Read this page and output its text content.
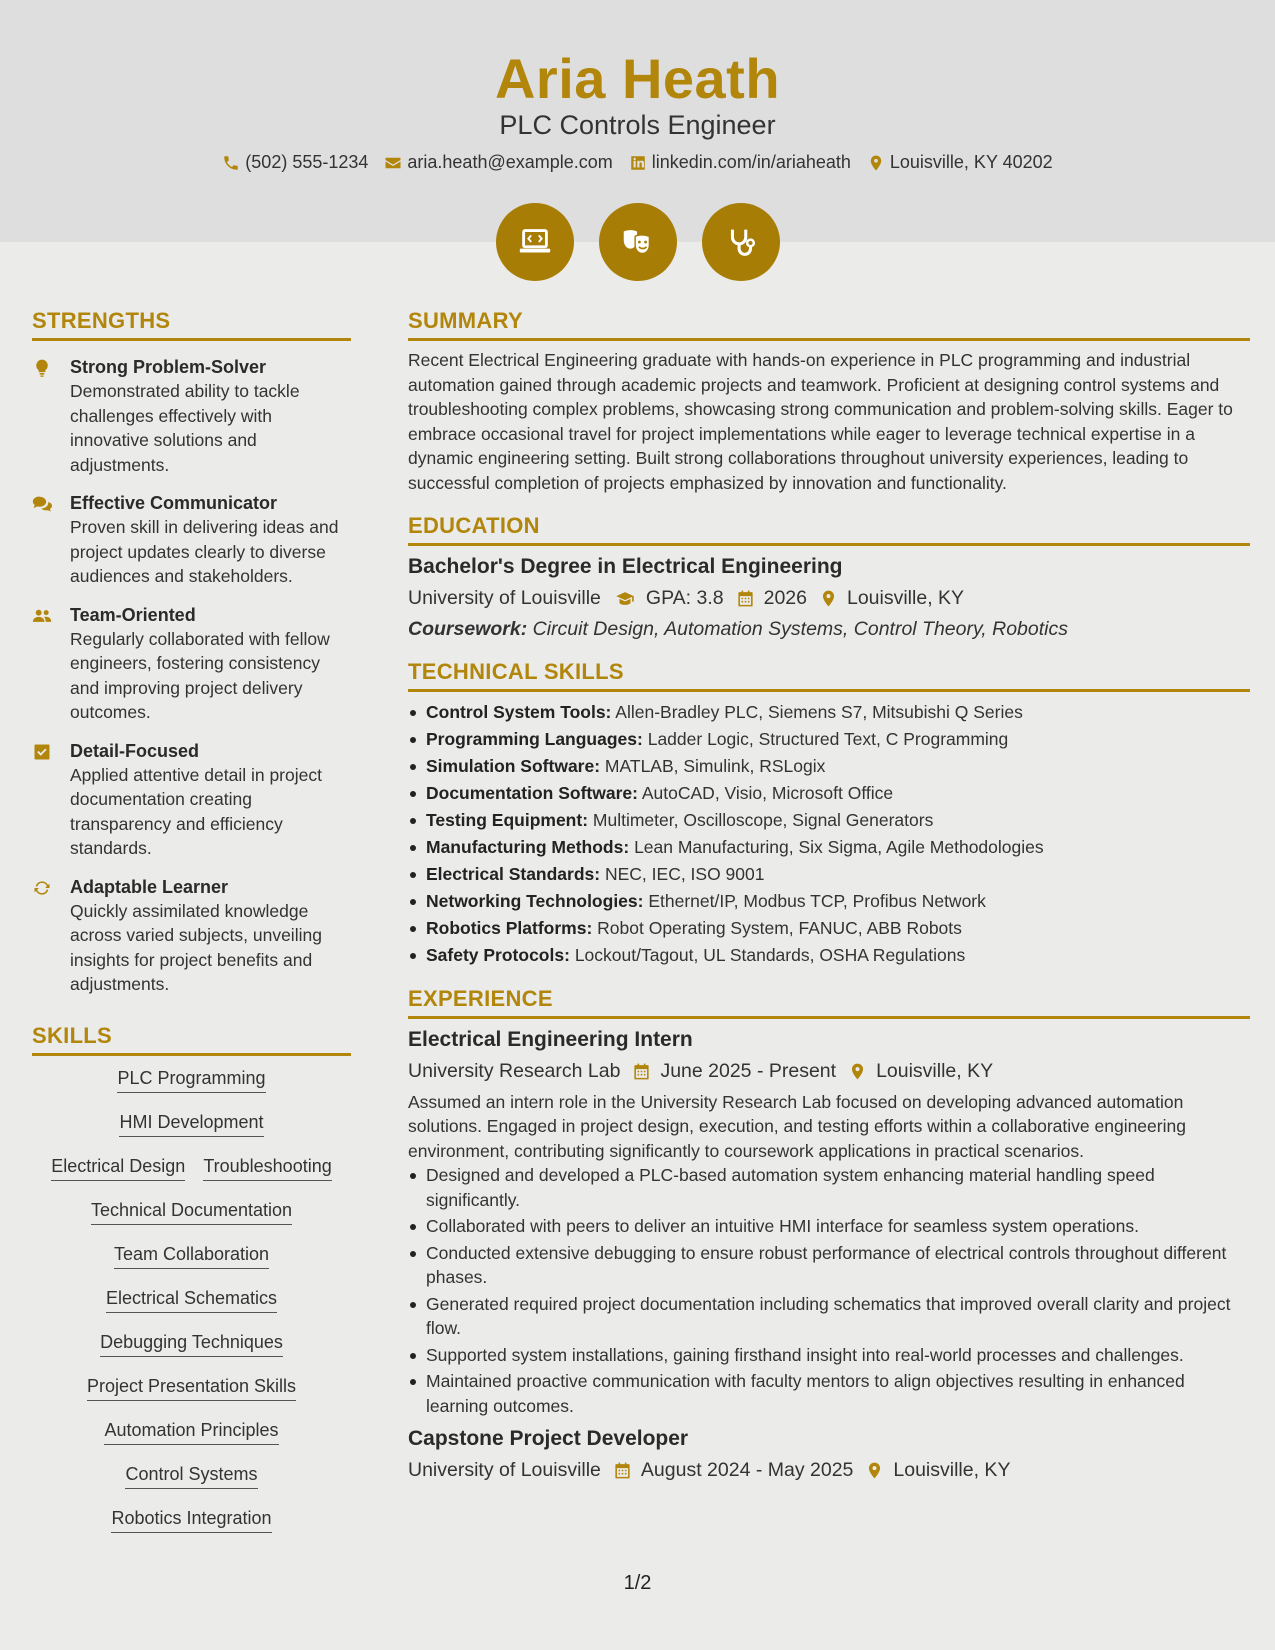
Aria Heath
PLC Controls Engineer
(502) 555-1234 aria.heath@example.com linkedin.com/in/ariaheath Louisville, KY 40202
STRENGTHS
Strong Problem-Solver
Demonstrated ability to tackle challenges effectively with innovative solutions and adjustments.
Effective Communicator
Proven skill in delivering ideas and project updates clearly to diverse audiences and stakeholders.
Team-Oriented
Regularly collaborated with fellow engineers, fostering consistency and improving project delivery outcomes.
Detail-Focused
Applied attentive detail in project documentation creating transparency and efficiency standards.
Adaptable Learner
Quickly assimilated knowledge across varied subjects, unveiling insights for project benefits and adjustments.
SKILLS
PLC Programming
HMI Development
Electrical Design Troubleshooting
Technical Documentation
Team Collaboration
Electrical Schematics
Debugging Techniques
Project Presentation Skills
Automation Principles
Control Systems
Robotics Integration
SUMMARY
Recent Electrical Engineering graduate with hands-on experience in PLC programming and industrial automation gained through academic projects and teamwork. Proficient at designing control systems and troubleshooting complex problems, showcasing strong communication and problem-solving skills. Eager to embrace occasional travel for project implementations while eager to leverage technical expertise in a dynamic engineering setting. Built strong collaborations throughout university experiences, leading to successful completion of projects emphasized by innovation and functionality.
EDUCATION
Bachelor's Degree in Electrical Engineering
University of Louisville GPA: 3.8 2026 Louisville, KY
Coursework: Circuit Design, Automation Systems, Control Theory, Robotics
TECHNICAL SKILLS
Control System Tools: Allen-Bradley PLC, Siemens S7, Mitsubishi Q Series
Programming Languages: Ladder Logic, Structured Text, C Programming
Simulation Software: MATLAB, Simulink, RSLogix
Documentation Software: AutoCAD, Visio, Microsoft Office
Testing Equipment: Multimeter, Oscilloscope, Signal Generators
Manufacturing Methods: Lean Manufacturing, Six Sigma, Agile Methodologies
Electrical Standards: NEC, IEC, ISO 9001
Networking Technologies: Ethernet/IP, Modbus TCP, Profibus Network
Robotics Platforms: Robot Operating System, FANUC, ABB Robots
Safety Protocols: Lockout/Tagout, UL Standards, OSHA Regulations
EXPERIENCE
Electrical Engineering Intern
University Research Lab June 2025 - Present Louisville, KY
Assumed an intern role in the University Research Lab focused on developing advanced automation solutions. Engaged in project design, execution, and testing efforts within a collaborative engineering environment, contributing significantly to coursework applications in practical scenarios.
Designed and developed a PLC-based automation system enhancing material handling speed significantly.
Collaborated with peers to deliver an intuitive HMI interface for seamless system operations.
Conducted extensive debugging to ensure robust performance of electrical controls throughout different phases.
Generated required project documentation including schematics that improved overall clarity and project flow.
Supported system installations, gaining firsthand insight into real-world processes and challenges.
Maintained proactive communication with faculty mentors to align objectives resulting in enhanced learning outcomes.
Capstone Project Developer
University of Louisville August 2024 - May 2025 Louisville, KY
1/2
